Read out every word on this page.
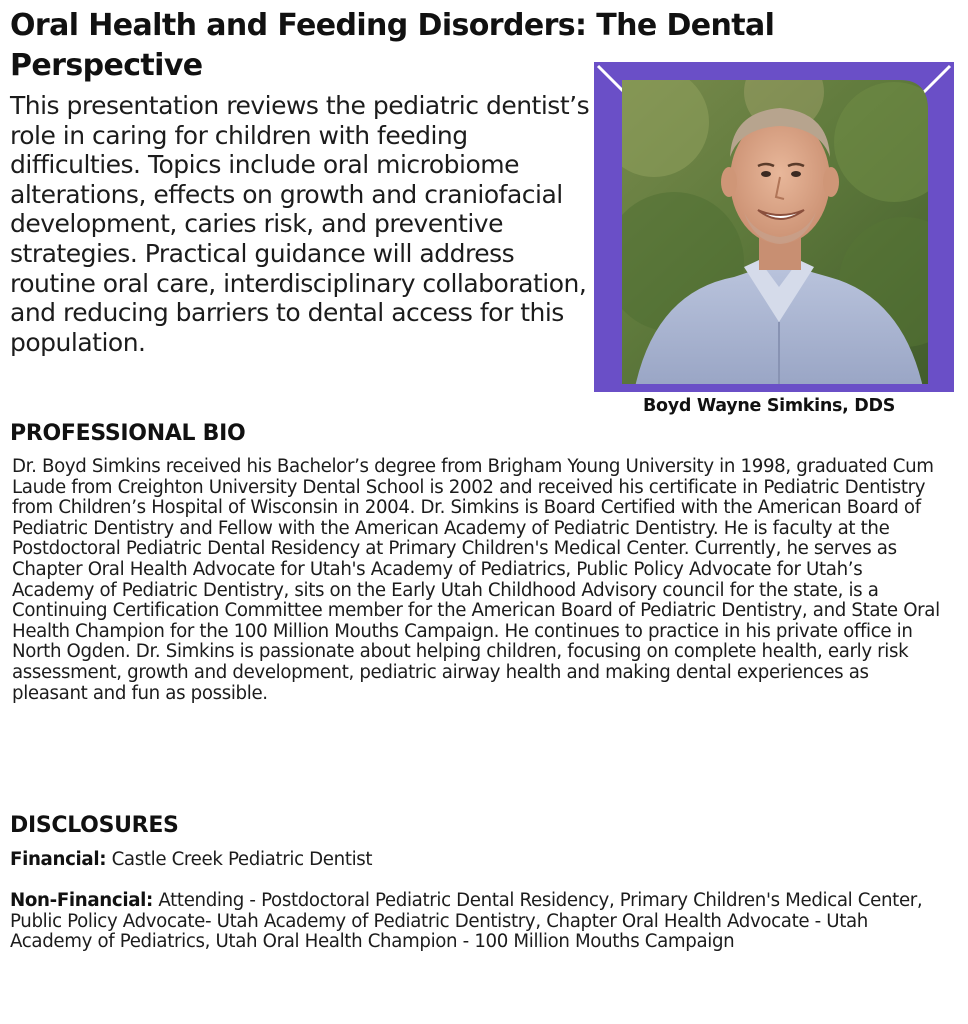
Oral Health and Feeding Disorders: The Dental Perspective

This presentation reviews the pediatric dentist’s role in caring for children with feeding difficulties. Topics include oral microbiome alterations, effects on growth and craniofacial development, caries risk, and preventive strategies. Practical guidance will address routine oral care, interdisciplinary collaboration, and reducing barriers to dental access for this population.

Boyd Wayne Simkins, DDS
PROFESSIONAL BIO

Dr. Boyd Simkins received his Bachelor’s degree from Brigham Young University in 1998, graduated Cum Laude from Creighton University Dental School is 2002 and received his certificate in Pediatric Dentistry from Children’s Hospital of Wisconsin in 2004. Dr. Simkins is Board Certified with the American Board of Pediatric Dentistry and Fellow with the American Academy of Pediatric Dentistry. He is faculty at the Postdoctoral Pediatric Dental Residency at Primary Children's Medical Center. Currently, he serves as Chapter Oral Health Advocate for Utah's Academy of Pediatrics, Public Policy Advocate for Utah’s Academy of Pediatric Dentistry, sits on the Early Utah Childhood Advisory council for the state, is a Continuing Certification Committee member for the American Board of Pediatric Dentistry, and State Oral Health Champion for the 100 Million Mouths Campaign. He continues to practice in his private office in North Ogden. Dr. Simkins is passionate about helping children, focusing on complete health, early risk assessment, growth and development, pediatric airway health and making dental experiences as pleasant and fun as possible.

DISCLOSURES

Financial: Castle Creek Pediatric Dentist

Non-Financial: Attending - Postdoctoral Pediatric Dental Residency, Primary Children's Medical Center, Public Policy Advocate- Utah Academy of Pediatric Dentistry, Chapter Oral Health Advocate - Utah Academy of Pediatrics, Utah Oral Health Champion - 100 Million Mouths Campaign
